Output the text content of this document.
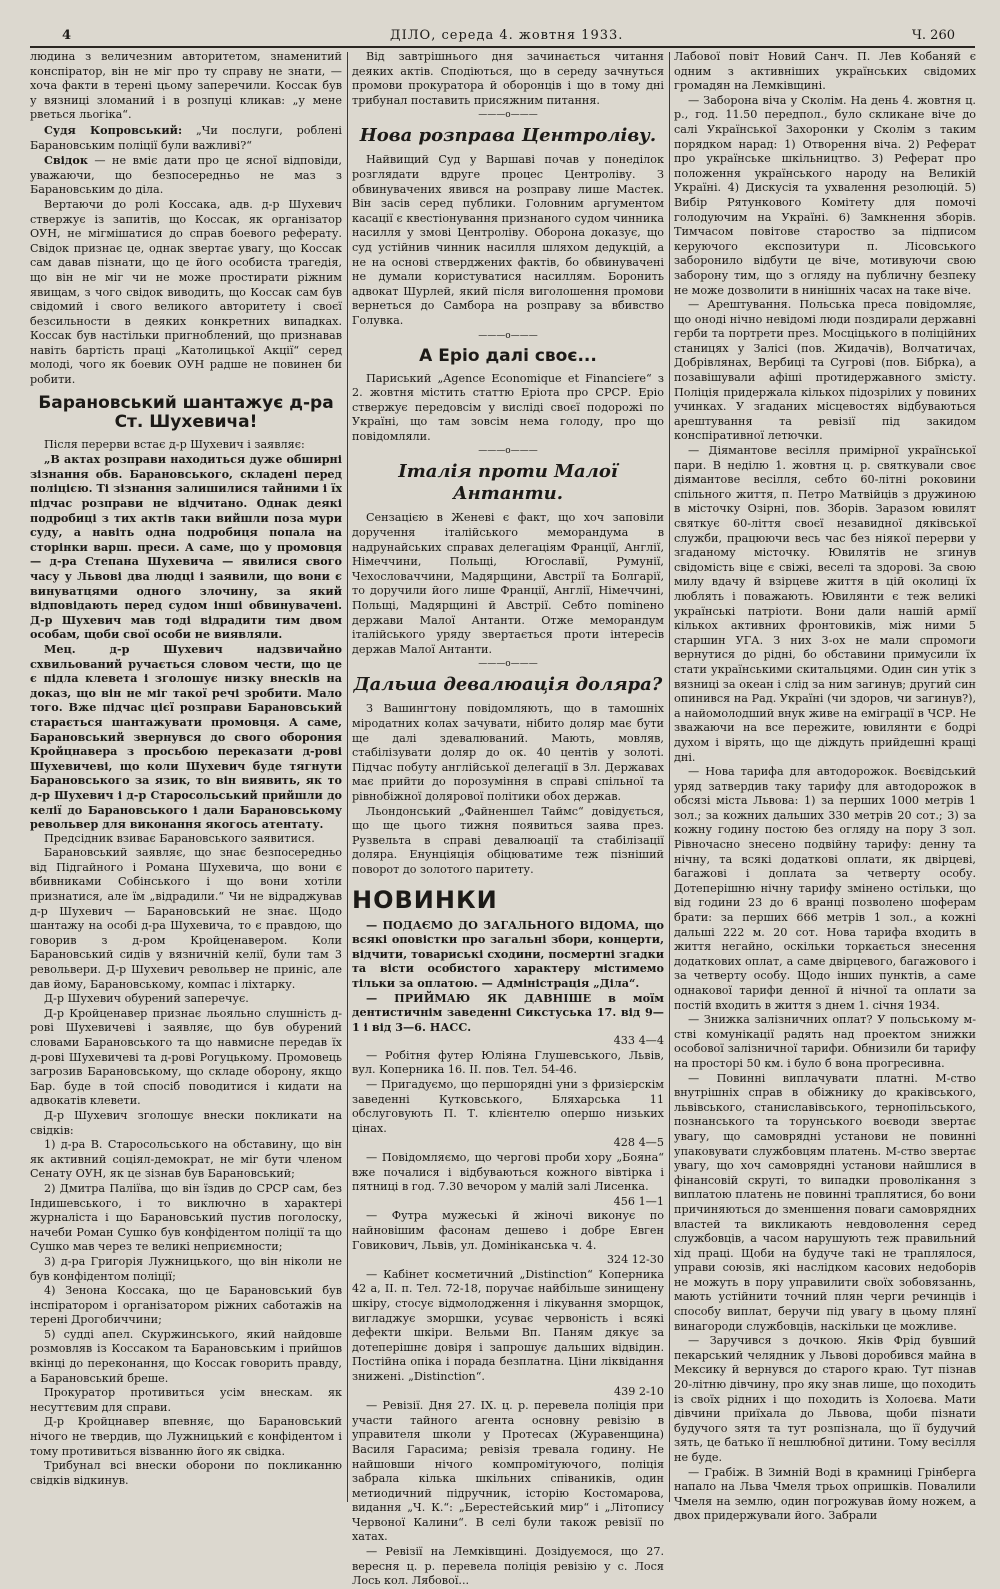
4	ДІЛО, середа 4. жовтня 1933.	Ч. 260

людина з величезним авторитетом, знаменитий конспіратор, він не міг про ту справу не знати, — хоча факти в терені цьому заперечили. Коссак був у вязниці зломаний і в розпуці кликав: „у мене рветься льогіка“.

Судя Копровський: „Чи послуги, роблені Барановським поліції були важливі?“

Свідок — не вміє дати про це ясної відповіди, уважаючи, що безпосередньо не маз з Барановським до діла.

Вертаючи до ролі Коссака, адв. д-р Шухевич ствержує із запитів, що Коссак, як організатор ОУН, не мігмішатися до справ боевого реферату. Свідок признає це, однак звертає увагу, що Коссак сам давав пізнати, що це його особиста трагедія, що він не міг чи не може простирати ріжним явищам, з чого свідок виводить, що Коссак сам був свідомий і свого великого авторитету і своєї безсильности в деяких конкретних випадках. Коссак був настільки пригноблений, що признавав навіть бартість праці „Католицької Акції“ серед молоді, чого як боевик ОУН радше не повинен би робити.

Барановський шантажує д-ра Ст. Шухевича!

Після перерви встає д-р Шухевич і заявляє:

„В актах розправи находиться дуже обширні зізнання обв. Барановського, складені перед поліцією. Ті зізнання залишилися тайними і їх підчас розправи не відчитано. Однак деякі подробиці з тих актів таки вийшли поза мури суду, а навіть одна подробиця попала на сторінки варш. преси. А саме, що у промовця — д-ра Степана Шухевича — явилися свого часу у Львові два людці і заявили, що вони є винуватцями одного злочину, за який відповідають перед судом інші обвинувачені. Д-р Шухевич мав тоді відрадити тим двом особам, щоби свої особи не виявляли.

Мец. д-р Шухевич надзвичайно схвильований ручається словом чести, що це є підла клевета і зголошує низку внесків на доказ, що він не міг такої речі зробити. Мало того. Вже підчас цієї розправи Барановський старається шантажувати промовця. А саме, Барановський звернувся до свого оборония Кройцнавера з просьбою переказати д-рові Шухевичеві, що коли Шухевич буде тягнути Барановського за язик, то він виявить, як то д-р Шухевич і д-р Старосольський прийшли до келії до Барановського і дали Барановському револьвер для виконання якогось атентату.

Предсідник взиває Барановського заявитися.

Барановський заявляє, що знає безпосередньо від Підгайного і Романа Шухевича, що вони є вбивниками Собінського і що вони хотіли признатися, але їм „відрадили.“ Чи не відраджував д-р Шухевич — Барановський не знає. Щодо шантажу на особі д-ра Шухевича, то є правдою, що говорив з д-ром Кройценавером. Коли Барановський сидів у вязничній келії, були там 3 револьвери. Д-р Шухевич револьвер не приніс, але дав йому, Барановському, компас і ліхтарку.

Д-р Шухевич обурений заперечує.

Д-р Кройценавер признає льояльно слушність д-рові Шухевичеві і заявляє, що був обурений словами Барановського та що навмисне передав їх д-рові Шухевичеві та д-рові Рогуцькому. Промовець загрозив Барановському, що складе оборону, якщо Бар. буде в той спосіб поводитися і кидати на адвокатів клевети.

Д-р Шухевич зголошує внески покликати на свідків:

1) д-ра В. Старосольського на обставину, що він як активний соціял-демократ, не міг бути членом Сенату ОУН, як це зізнав був Барановський;

2) Дмитра Паліїва, що він їздив до СРСР сам, без Індишевського, і то виключно в характері журналіста і що Барановський пустив поголоску, начеби Роман Сушко був конфідентом поліції та що Сушко мав через те великі неприємности;

3) д-ра Григорія Лужницького, що він ніколи не був конфідентом поліції;

4) Зенона Коссака, що це Барановський був інспіратором і організатором ріжних саботажів на терені Дрогобиччини;

5) судді апел. Скуржинського, який найдовше розмовляв із Коссаком та Барановським і прийшов вкінці до переконання, що Коссак говорить правду, а Барановський бреше.

Прокуратор противиться усім внескам. як несуттєвим для справи.

Д-р Кройцнавер впевняє, що Барановський нічого не твердив, що Лужницький є конфідентом і тому противиться візванню його як свідка.

Трибунал всі внески оборони по покликанню свідків відкинув.

Від завтрішнього дня зачинається читання деяких актів. Сподіються, що в середу зачнуться промови прокуратора й оборонців і що в тому дні трибунал поставить присяжним питання.

———o———
Нова розправа Центроліву.

Найвищий Суд у Варшаві почав у понеділок розглядати вдруге процес Центроліву. З обвинувачених явився на розправу лише Мастек. Він засів серед публики. Головним аргументом касації є квестіонування признаного судом чинника насилля у змові Центроліву. Оборона доказує, що суд устійнив чинник насилля шляхом дедукцій, а не на основі стверджених фактів, бо обвинувачені не думали користуватися насиллям. Боронить адвокат Шурлей, який після виголошення промови вернеться до Самбора на розправу за вбивство Голувка.

———o———
А Еріо далі своє...

Париський „Agence Economique et Financiere“ з 2. жовтня містить статтю Еріота про СРСР. Еріо ствержує передовсім у висліді своєї подорожі по Україні, що там зовсім нема голоду, про що повідомляли.

———o———
Італія проти Малої Антанти.

Сензацією в Женеві є факт, що хоч заповіли доручення італійського меморандума в надрунайських справах делегаціям Франції, Англії, Німеччини, Польщі, Югославії, Румунії, Чехословаччини, Мадярщини, Австрії та Болгарії, то доручили його лише Франції, Англії, Німеччині, Польщі, Мадярщині й Австрії. Себто пominено держави Малої Антанти. Отже меморандум італійського уряду звертається проти інтересів держав Малої Антанти.

———o———
Дальша девалюація доляра?

З Вашингтону повідомляють, що в тамошніх міродатних колах зачувати, нібито доляр має бути ще далі здевалюваний. Мають, мовляв, стабілізувати доляр до ок. 40 центів у золоті. Підчас побуту англійської делегації в Зл. Державах має прийти до порозуміння в справі спільної та рівнобіжної долярової політики обох держав.

Льондонський „Файненшел Таймс“ довідується, що ще цього тижня появиться заява през. Рузвельта в справі девалюації та стабілізації доляра. Енунціяція обіцюватиме теж пізніший поворот до золотого паритету.

НОВИНКИ

— ПОДАЄМО ДО ЗАГАЛЬНОГО ВІДОМА, що всякі оповістки про загальні збори, концерти, відчити, товариські сходини, посмертні згадки та вісти особистого характеру містимемо тільки за оплатою. — Адміністрація „Діла“.

— ПРИЙМАЮ ЯК ДАВНІШЕ в моїм дентистичнім заведенні Сикстуська 17. від 9—1 і від 3—6. НАСС.

433 4—4

— Робітня футер Юліяна Глушевського, Львів, вул. Коперника 16. II. пов. Тел. 54-46.

— Пригадуємо, що першорядні уни з фризієрскім заведенні Кутковського, Бляхарська 11 обслуговують П. Т. клієнтелю опершо низьких цінах.

428 4—5

— Повідомляємо, що чергові проби хору „Бояна“ вже почалися і відбуваються кожного вівтірка і пятниці в год. 7.30 вечором у малій залі Лисенка.

456 1—1

— Футра мужеські й жіночі виконує по найновішим фасонам дешево і добре Евген Говикович, Львів, ул. Домініканська ч. 4.

324 12-30

— Кабінет косметичний „Distinction“ Коперника 42 а, II. п. Тел. 72-18, поручає найбільше зинищену шкіру, стосує відмолодження і лікування зморщок, вигладжує зморшки, усуває червоність і всякі дефекти шкіри. Вельми Вп. Паням дякує за дотеперішнє довіря і запрошує дальших відвідин. Постійна опіка і порада безплатна. Ціни ліквідання знижені. „Distinction“.

439 2-10

— Ревізії. Дня 27. IX. ц. р. перевела поліція при участи тайного агента основну ревізію в управителя школи у Протесах (Журавенщина) Василя Гарасима; ревізія тревала годину. Не найшовши нічого компромітуючого, поліція забрала кілька шкільних співаників, один метиодичний підручник, історію Костомарова, видання „Ч. К.“: „Берестейський мир“ і „Літопису Червоної Калини“. В селі були також ревізії по хатах.

— Ревізії на Лемківщині. Дозідуємося, що 27. вересня ц. р. перевела поліція ревізію у с. Лося Лось кол. Лябової...

Лабової повіт Новий Санч. П. Лев Кобаняй є одним з активніших українських свідомих громадян на Лемківщині.

— Заборона віча у Сколім. На день 4. жовтня ц. р., год. 11.50 передпол., було скликане віче до салі Української Захоронки у Сколім з таким порядком нарад: 1) Отворення віча. 2) Реферат про українське шкільництво. 3) Реферат про положення українського народу на Великій Україні. 4) Дискусія та ухвалення резолюцій. 5) Вибір Рятункового Комітету для помочі голодуючим на Україні. 6) Замкнення зборів. Тимчасом повітове староство за підписом керуючого експозитури п. Лісовського заборонило відбути це віче, мотивуючи свою заборону тим, що з огляду на публичну безпеку не може дозволити в нинішніх часах на таке віче.

— Арештування. Польська преса повідомляє, що оноді нічно невідомі люди поздирали державні герби та портрети през. Мосціцького в поліційних станицях у Залісі (пов. Жидачів), Волчатичах, Добрівлянах, Вербиці та Сугрові (пов. Бібрка), а позавішували афіші протидержавного змісту. Поліція придержала кількох підозрілих у повиних учинках. У згаданих місцевостях відбуваються арештування та ревізії під закидом конспіративної летючки.

— Діямантове весілля примірної української пари. В неділю 1. жовтня ц. р. святкували своє діямантове весілля, себто 60-літні роковини спільного життя, п. Петро Матвійців з дружиною в місточку Озірні, пов. Зборів. Заразом ювилят святкує 60-ліття своєї незавидної дяківської служби, працюючи весь час без ніякої перерви у згаданому місточку. Ювилятів не згинув свідомість віце є свіжі, веселі та здорові. За свою милу вдачу й взірцеве життя в цій околиці їх люблять і поважають. Ювилянти є теж великі українські патріоти. Вони дали нашій армії кількох активних фронтовиків, між ними 5 старшин УГА. З них 3-ох не мали спромоги вернутися до рідні, бо обставини примусили їх стати українськими скитальцями. Один син утік з вязниці за океан і слід за ним загинув; другий син опинився на Рад. Україні (чи здоров, чи загинув?), а найомолодший внук живе на еміграції в ЧСР. Не зважаючи на все пережите, ювилянти є бодрі духом і вірять, що ще діждуть прийдешні кращі дні.

— Нова тарифа для автодорожок. Воєвідський уряд затвердив таку тарифу для автодорожок в обсязі міста Львова: 1) за перших 1000 метрів 1 зол.; за кожних дальших 330 метрів 20 сот.; 3) за кожну годину постою без огляду на пору 3 зол. Рівночасно знесено подвійну тарифу: денну та нічну, та всякі додаткові оплати, як двірцеві, багажові і доплата за четверту особу. Дотеперішню нічну тарифу змінено остільки, що від години 23 до 6 вранці позволено шоферам брати: за перших 666 метрів 1 зол., а кожні дальші 222 м. 20 сот. Нова тарифа входить в життя негайно, оскільки торкається знесення додаткових оплат, а саме двірцевого, багажового і за четверту особу. Щодо інших пунктів, а саме однакової тарифи денної й нічної та оплати за постій входить в життя з днем 1. січня 1934.

— Знижка залізничних оплат? У польському м-стві комунікації радять над проектом знижки особової залізничної тарифи. Обнизили би тарифу на просторі 50 км. і було б вона прогресивна.

— Повинні виплачувати платні. М-ство внутрішніх справ в обіжнику до краківського, львівського, станиславівського, тернопільського, познанського та торунського воєводи звертає увагу, що самоврядні установи не повинні упаковувати службовцям платень. М-ство звертає увагу, що хоч самоврядні установи найшлися в фінансовій скруті, то випадки проволікання з виплатою платень не повинні траплятися, бо вони причиняються до зменшення поваги самоврядних властей та викликають невдоволення серед службовців, а часом нарушують теж правильний хід праці. Щоби на будуче такі не траплялося, управи союзів, які наслідком касових недоборів не можуть в пору управилити своїх зобовязаннь, мають устійнити точний плян черги речинців і способу виплат, беручи під увагу в цьому плянї винагороди службовців, наскільки це можливе.

— Заручився з дочкою. Яків Фрід бувший пекарський челядник у Львові доробився майна в Мексику й вернувся до старого краю. Тут пізнав 20-літню дівчину, про яку знав лише, що походить із своїх рідних і що походить із Холоєва. Мати дівчини приїхала до Львова, щоби пізнати будучого зятя та тут розпізнала, що її будучий зять, це батько її нешлюбної дитини. Тому весілля не буде.

— Грабіж. В Зимній Воді в крамниці Грінберга напало на Льва Чмеля трьох опришків. Повалили Чмеля на землю, один погрожував йому ножем, а двох придержували його. Забрали
